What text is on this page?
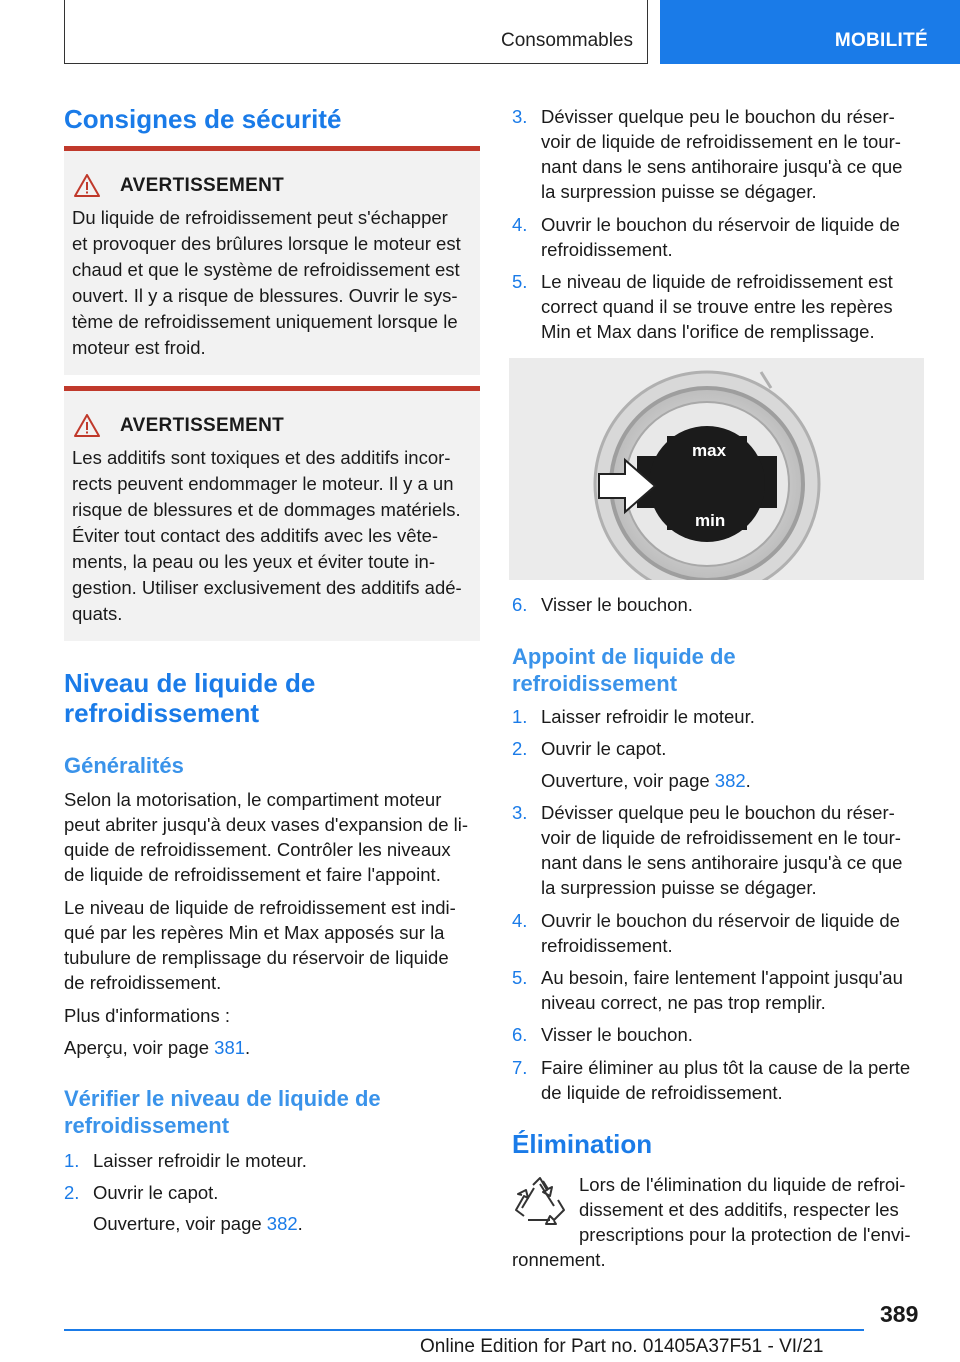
Consommables	MOBILITÉ
Consignes de sécurité
AVERTISSEMENT
Du liquide de refroidissement peut s'échapper
et provoquer des brûlures lorsque le moteur est
chaud et que le système de refroidissement est
ouvert. Il y a risque de blessures. Ouvrir le sys‐
tème de refroidissement uniquement lorsque le
moteur est froid.
AVERTISSEMENT
Les additifs sont toxiques et des additifs incor‐
rects peuvent endommager le moteur. Il y a un
risque de blessures et de dommages matériels.
Éviter tout contact des additifs avec les vête‐
ments, la peau ou les yeux et éviter toute in‐
gestion. Utiliser exclusivement des additifs adé‐
quats.
Niveau de liquide de
refroidissement
Généralités

Selon la motorisation, le compartiment moteur
peut abriter jusqu'à deux vases d'expansion de li‐
quide de refroidissement. Contrôler les niveaux
de liquide de refroidissement et faire l'appoint.

Le niveau de liquide de refroidissement est indi‐
qué par les repères Min et Max apposés sur la
tubulure de remplissage du réservoir de liquide
de refroidissement.

Plus d'informations :

Aperçu, voir page 381.

Vérifier le niveau de liquide de
refroidissement
1. Laisser refroidir le moteur.
2. Ouvrir le capot.

Ouverture, voir page 382.

3. Dévisser quelque peu le bouchon du réser‐
voir de liquide de refroidissement en le tour‐
nant dans le sens antihoraire jusqu'à ce que
la surpression puisse se dégager.
4. Ouvrir le bouchon du réservoir de liquide de
refroidissement.
5. Le niveau de liquide de refroidissement est
correct quand il se trouve entre les repères
Min et Max dans l'orifice de remplissage.
max
min
6. Visser le bouchon.
Appoint de liquide de
refroidissement
1. Laisser refroidir le moteur.
2. Ouvrir le capot.

Ouverture, voir page 382.

3. Dévisser quelque peu le bouchon du réser‐
voir de liquide de refroidissement en le tour‐
nant dans le sens antihoraire jusqu'à ce que
la surpression puisse se dégager.
4. Ouvrir le bouchon du réservoir de liquide de
refroidissement.
5. Au besoin, faire lentement l'appoint jusqu'au
niveau correct, ne pas trop remplir.
6. Visser le bouchon.
7. Faire éliminer au plus tôt la cause de la perte
de liquide de refroidissement.
Élimination

Lors de l'élimination du liquide de refroi‐
dissement et des additifs, respecter les
prescriptions pour la protection de l'envi‐

ronnement.

389
Online Edition for Part no. 01405A37F51 - VI/21
